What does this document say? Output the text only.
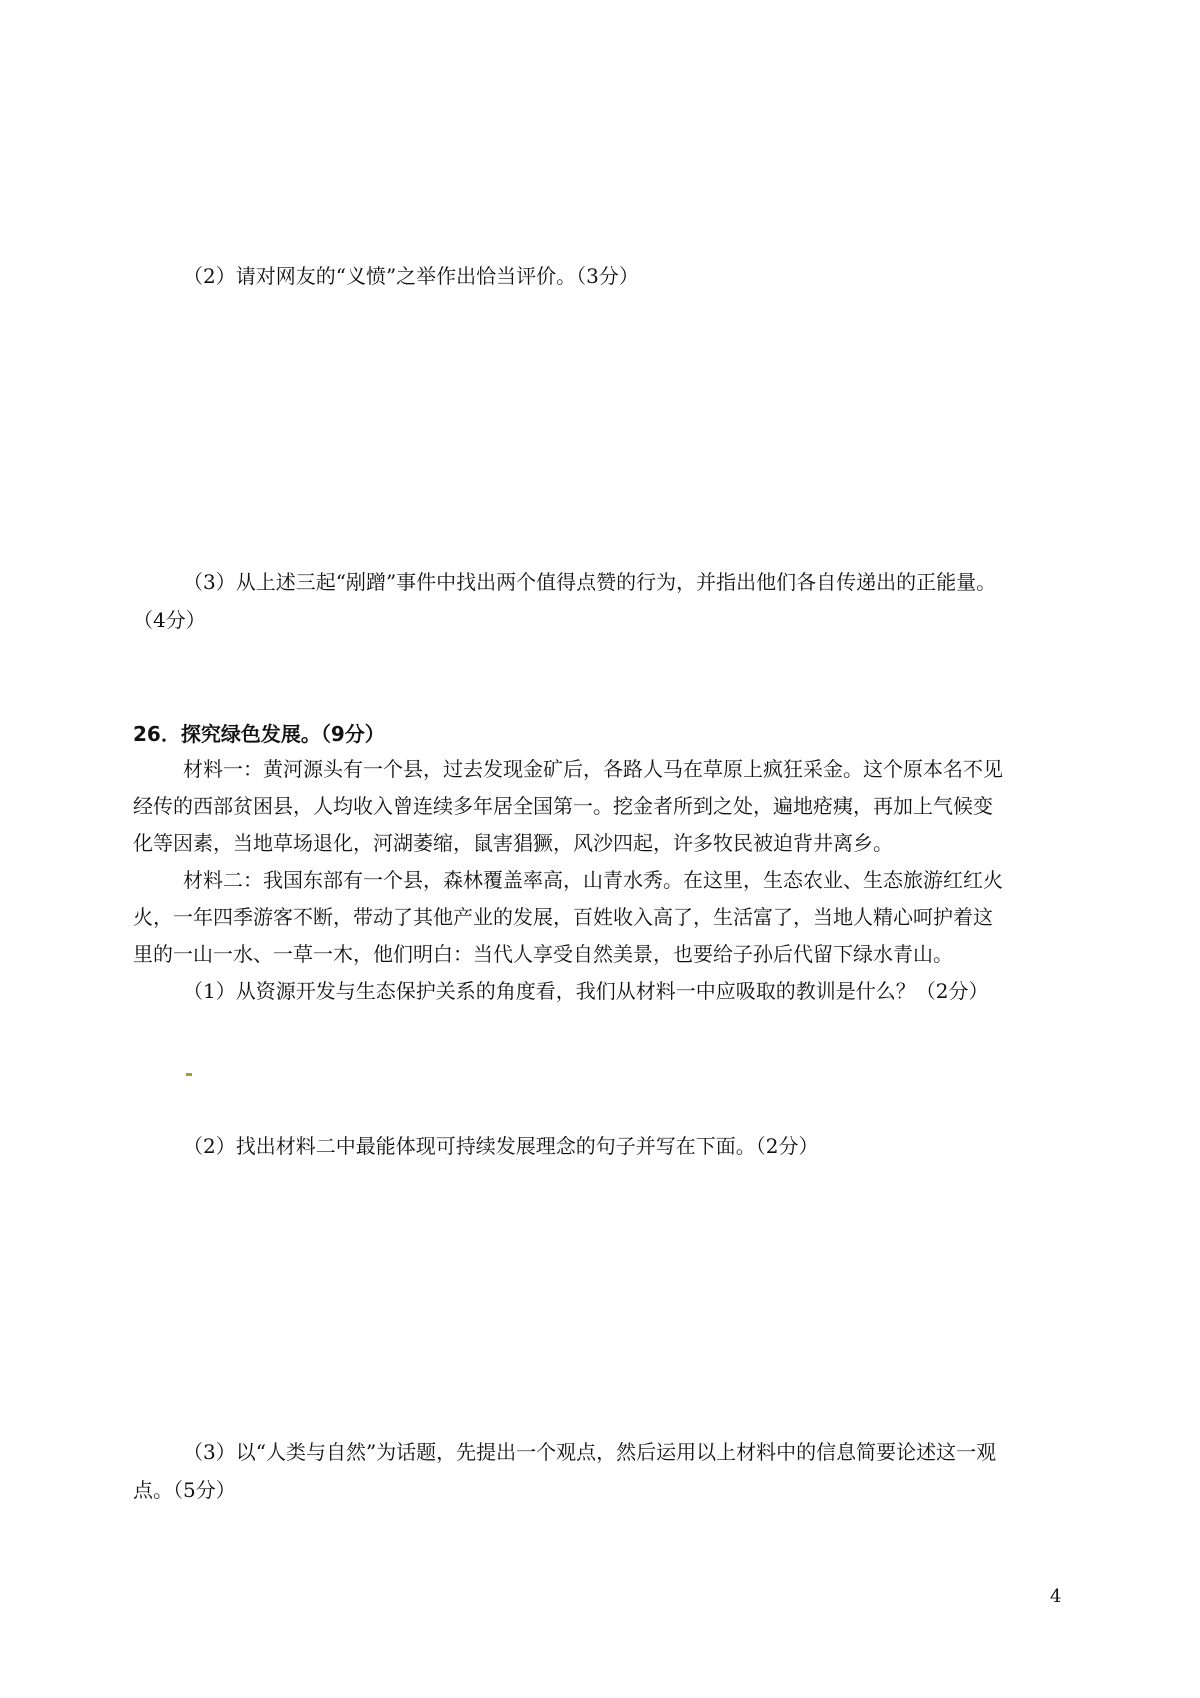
（2）请对网友的“义愤”之举作出恰当评价。（3分）
（3）从上述三起“剐蹭”事件中找出两个值得点赞的行为，并指出他们各自传递出的正能量。
（4分）
26．探究绿色发展。（9分）
材料一：黄河源头有一个县，过去发现金矿后，各路人马在草原上疯狂采金。这个原本名不见
经传的西部贫困县，人均收入曾连续多年居全国第一。挖金者所到之处，遍地疮痍，再加上气候变
化等因素，当地草场退化，河湖萎缩，鼠害猖獗，风沙四起，许多牧民被迫背井离乡。
材料二：我国东部有一个县，森林覆盖率高，山青水秀。在这里，生态农业、生态旅游红红火
火，一年四季游客不断，带动了其他产业的发展，百姓收入高了，生活富了，当地人精心呵护着这
里的一山一水、一草一木，他们明白：当代人享受自然美景，也要给子孙后代留下绿水青山。
（1）从资源开发与生态保护关系的角度看，我们从材料一中应吸取的教训是什么？（2分）
（2）找出材料二中最能体现可持续发展理念的句子并写在下面。（2分）
（3）以“人类与自然”为话题，先提出一个观点，然后运用以上材料中的信息简要论述这一观
点。（5分）
4
